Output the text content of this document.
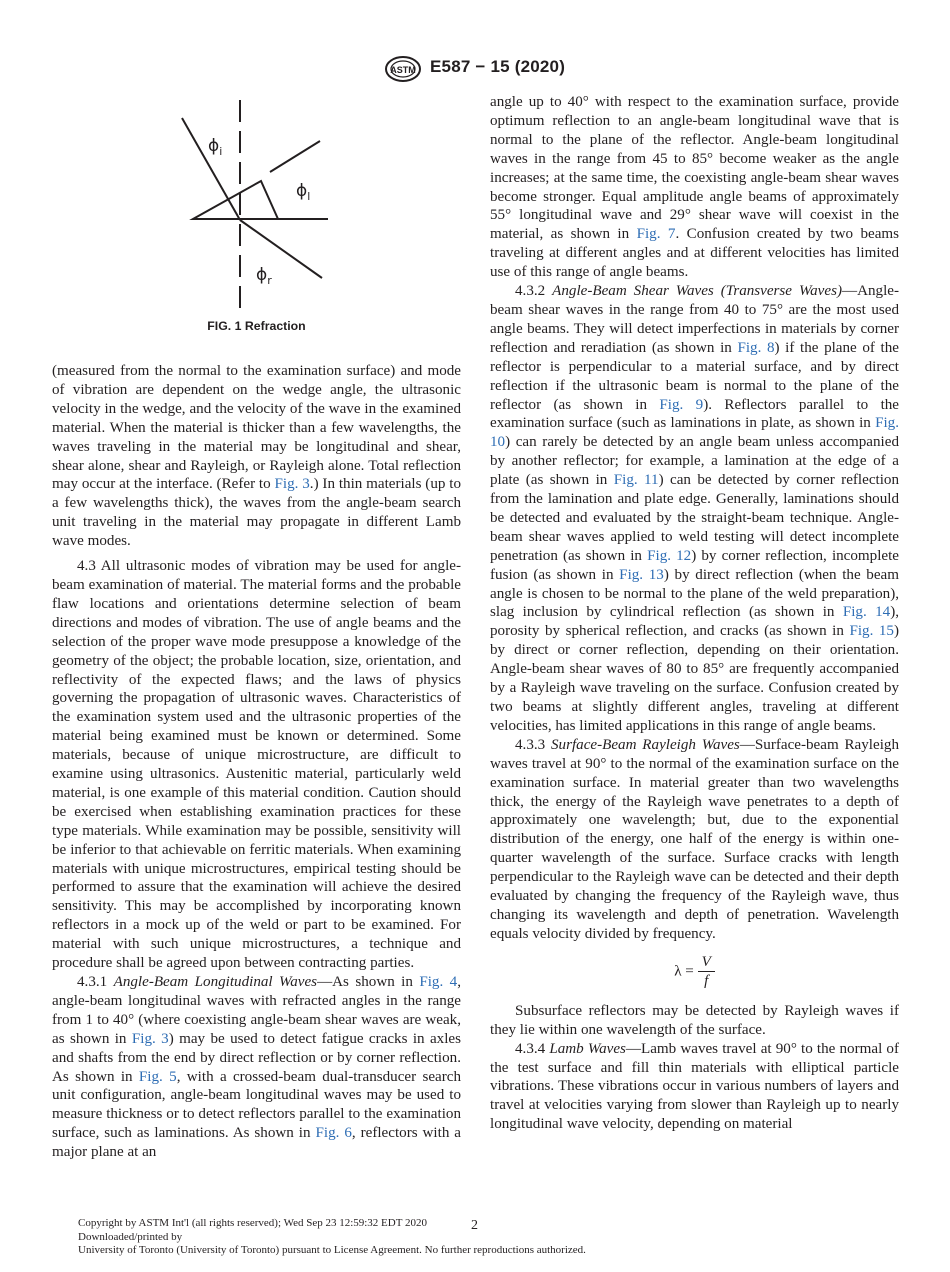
ASTM E587 − 15 (2020)
$\phi_i$
$\phi_l$
$\phi_r$
FIG. 1 Refraction

(measured from the normal to the examination surface) and mode of vibration are dependent on the wedge angle, the ultrasonic velocity in the wedge, and the velocity of the wave in the examined material. When the material is thicker than a few wavelengths, the waves traveling in the material may be longitudinal and shear, shear alone, shear and Rayleigh, or Rayleigh alone. Total reflection may occur at the interface. (Refer to Fig. 3.) In thin materials (up to a few wavelengths thick), the waves from the angle-beam search unit traveling in the material may propagate in different Lamb wave modes.

4.3 All ultrasonic modes of vibration may be used for angle-beam examination of material. The material forms and the probable flaw locations and orientations determine selection of beam directions and modes of vibration. The use of angle beams and the selection of the proper wave mode presuppose a knowledge of the geometry of the object; the probable location, size, orientation, and reflectivity of the expected flaws; and the laws of physics governing the propagation of ultrasonic waves. Characteristics of the examination system used and the ultrasonic properties of the material being examined must be known or determined. Some materials, because of unique microstructure, are difficult to examine using ultrasonics. Austenitic material, particularly weld material, is one example of this material condition. Caution should be exercised when establishing examination practices for these type materials. While examination may be possible, sensitivity will be inferior to that achievable on ferritic materials. When examining materials with unique microstructures, empirical testing should be performed to assure that the examination will achieve the desired sensitivity. This may be accomplished by incorporating known reflectors in a mock up of the weld or part to be examined. For material with such unique microstructures, a technique and procedure shall be agreed upon between contracting parties.

4.3.1 Angle-Beam Longitudinal Waves—As shown in Fig. 4, angle-beam longitudinal waves with refracted angles in the range from 1 to 40° (where coexisting angle-beam shear waves are weak, as shown in Fig. 3) may be used to detect fatigue cracks in axles and shafts from the end by direct reflection or by corner reflection. As shown in Fig. 5, with a crossed-beam dual-transducer search unit configuration, angle-beam longitudinal waves may be used to measure thickness or to detect reflectors parallel to the examination surface, such as laminations. As shown in Fig. 6, reflectors with a major plane at an

angle up to 40° with respect to the examination surface, provide optimum reflection to an angle-beam longitudinal wave that is normal to the plane of the reflector. Angle-beam longitudinal waves in the range from 45 to 85° become weaker as the angle increases; at the same time, the coexisting angle-beam shear waves become stronger. Equal amplitude angle beams of approximately 55° longitudinal wave and 29° shear wave will coexist in the material, as shown in Fig. 7. Confusion created by two beams traveling at different angles and at different velocities has limited use of this range of angle beams.

4.3.2 Angle-Beam Shear Waves (Transverse Waves)—Angle-beam shear waves in the range from 40 to 75° are the most used angle beams. They will detect imperfections in materials by corner reflection and reradiation (as shown in Fig. 8) if the plane of the reflector is perpendicular to a material surface, and by direct reflection if the ultrasonic beam is normal to the plane of the reflector (as shown in Fig. 9). Reflectors parallel to the examination surface (such as laminations in plate, as shown in Fig. 10) can rarely be detected by an angle beam unless accompanied by another reflector; for example, a lamination at the edge of a plate (as shown in Fig. 11) can be detected by corner reflection from the lamination and plate edge. Generally, laminations should be detected and evaluated by the straight-beam technique. Angle-beam shear waves applied to weld testing will detect incomplete penetration (as shown in Fig. 12) by corner reflection, incomplete fusion (as shown in Fig. 13) by direct reflection (when the beam angle is chosen to be normal to the plane of the weld preparation), slag inclusion by cylindrical reflection (as shown in Fig. 14), porosity by spherical reflection, and cracks (as shown in Fig. 15) by direct or corner reflection, depending on their orientation. Angle-beam shear waves of 80 to 85° are frequently accompanied by a Rayleigh wave traveling on the surface. Confusion created by two beams at slightly different angles, traveling at different velocities, has limited applications in this range of angle beams.

4.3.3 Surface-Beam Rayleigh Waves—Surface-beam Rayleigh waves travel at 90° to the normal of the examination surface on the examination surface. In material greater than two wavelengths thick, the energy of the Rayleigh wave penetrates to a depth of approximately one wavelength; but, due to the exponential distribution of the energy, one half of the energy is within one-quarter wavelength of the surface. Surface cracks with length perpendicular to the Rayleigh wave can be detected and their depth evaluated by changing the frequency of the Rayleigh wave, thus changing its wavelength and depth of penetration. Wavelength equals velocity divided by frequency.

$\lambda = \frac{V}{f}$

Subsurface reflectors may be detected by Rayleigh waves if they lie within one wavelength of the surface.

4.3.4 Lamb Waves—Lamb waves travel at 90° to the normal of the test surface and fill thin materials with elliptical particle vibrations. These vibrations occur in various numbers of layers and travel at velocities varying from slower than Rayleigh up to nearly longitudinal wave velocity, depending on material

Copyright by ASTM Int'l (all rights reserved); Wed Sep 23 12:59:32 EDT 2020
Downloaded/printed by
University of Toronto (University of Toronto) pursuant to License Agreement. No further reproductions authorized.
2
